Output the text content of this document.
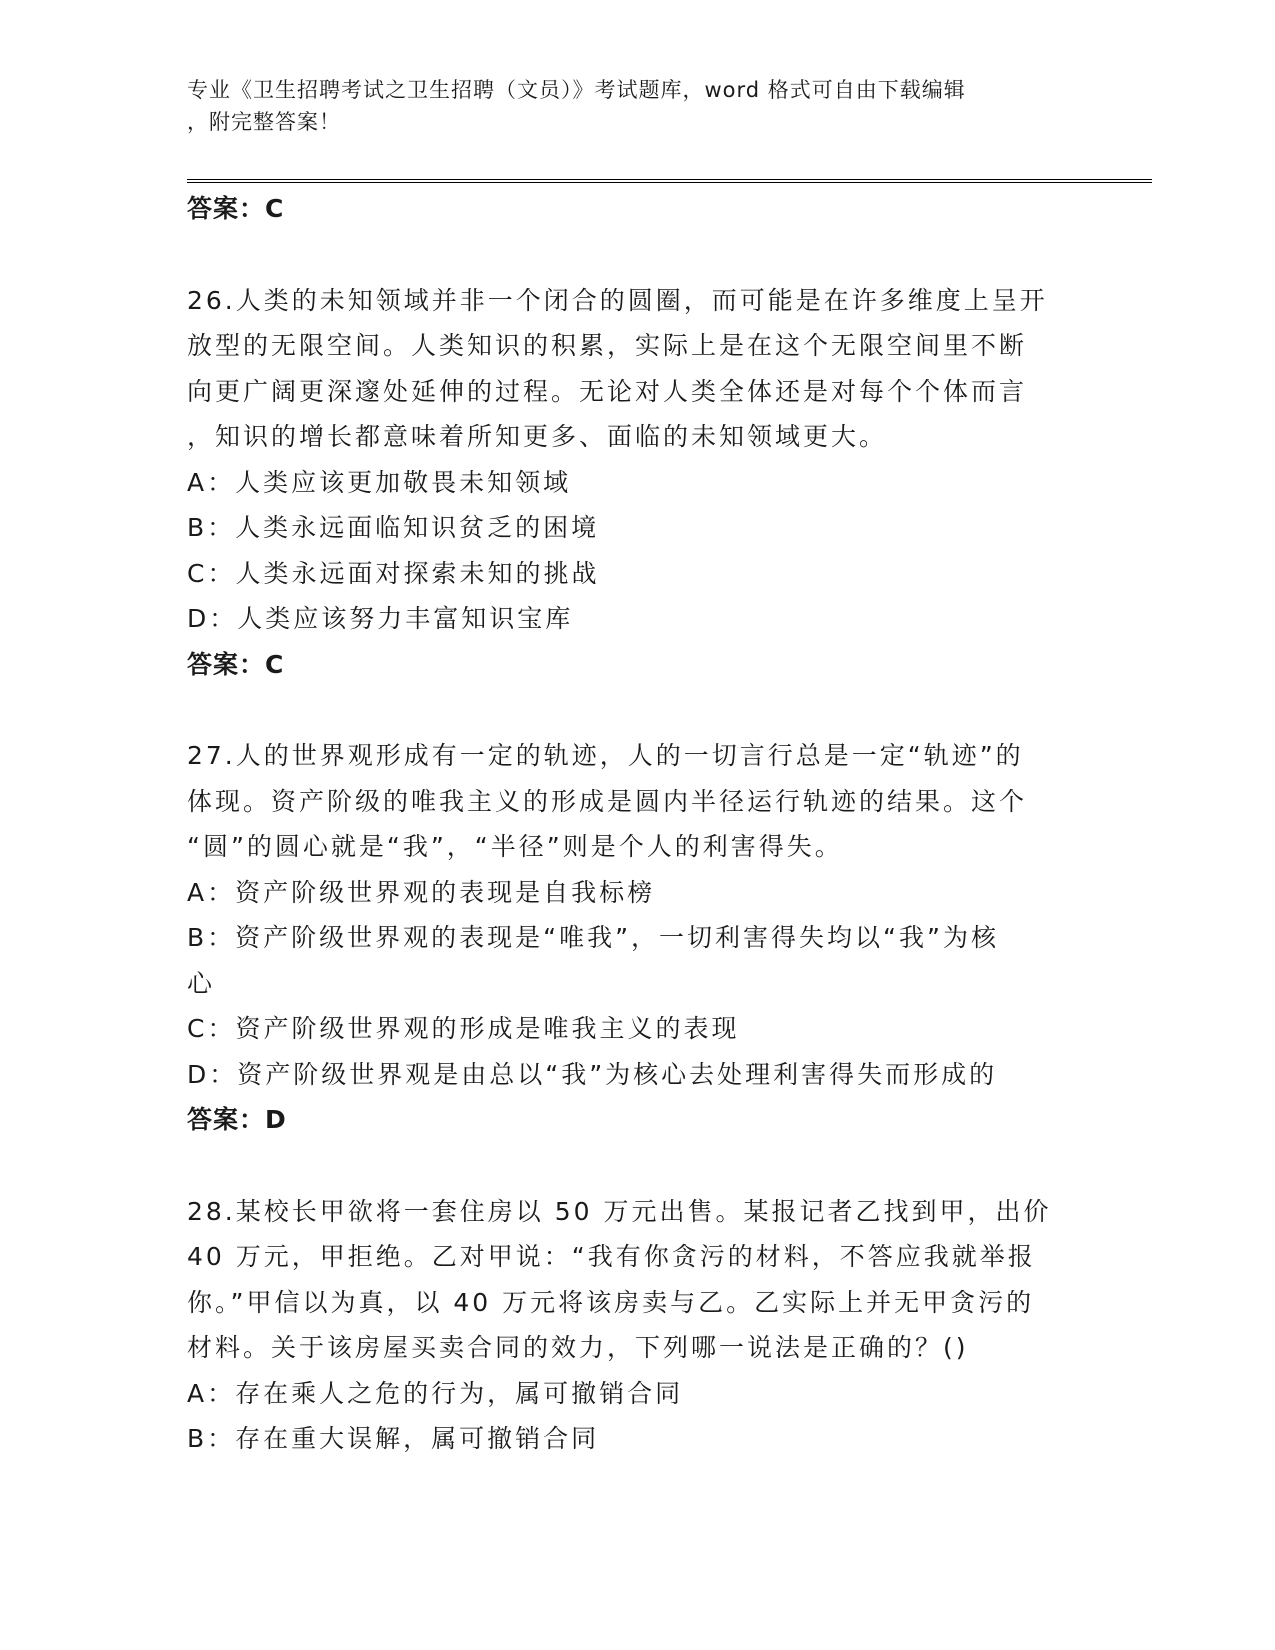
专业《卫生招聘考试之卫生招聘（文员）》考试题库，word 格式可自由下载编辑
，附完整答案！

答案：C

26.人类的未知领域并非一个闭合的圆圈，而可能是在许多维度上呈开

放型的无限空间。人类知识的积累，实际上是在这个无限空间里不断

向更广阔更深邃处延伸的过程。无论对人类全体还是对每个个体而言

，知识的增长都意味着所知更多、面临的未知领域更大。

A：人类应该更加敬畏未知领域

B：人类永远面临知识贫乏的困境

C：人类永远面对探索未知的挑战

D：人类应该努力丰富知识宝库

答案：C

27.人的世界观形成有一定的轨迹，人的一切言行总是一定“轨迹”的

体现。资产阶级的唯我主义的形成是圆内半径运行轨迹的结果。这个

“圆”的圆心就是“我”，“半径”则是个人的利害得失。

A：资产阶级世界观的表现是自我标榜

B：资产阶级世界观的表现是“唯我”，一切利害得失均以“我”为核

心

C：资产阶级世界观的形成是唯我主义的表现

D：资产阶级世界观是由总以“我”为核心去处理利害得失而形成的

答案：D

28.某校长甲欲将一套住房以 50 万元出售。某报记者乙找到甲，出价

40 万元，甲拒绝。乙对甲说：“我有你贪污的材料，不答应我就举报

你。”甲信以为真，以 40 万元将该房卖与乙。乙实际上并无甲贪污的

材料。关于该房屋买卖合同的效力，下列哪一说法是正确的？()

A：存在乘人之危的行为，属可撤销合同

B：存在重大误解，属可撤销合同
